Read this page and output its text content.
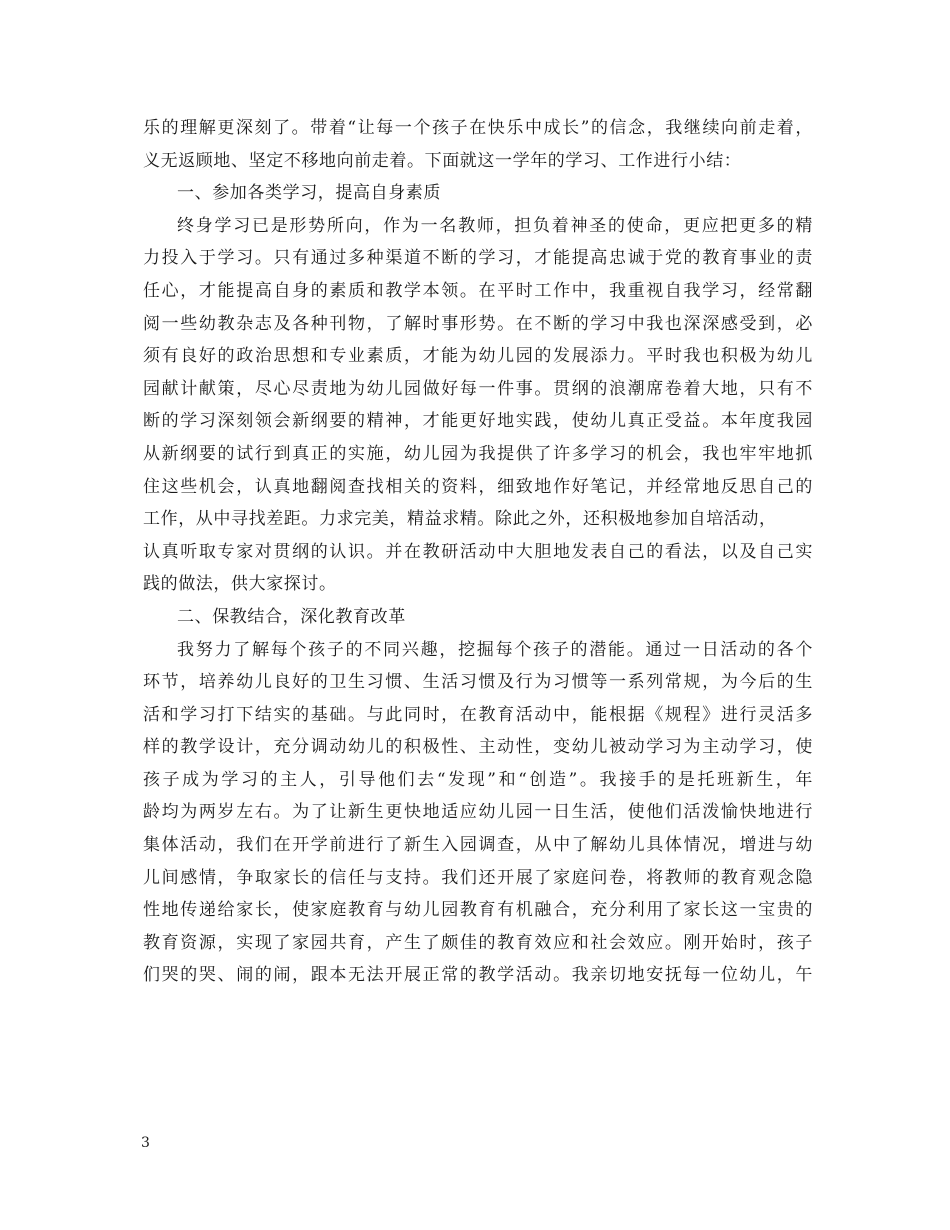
乐的理解更深刻了。带着“让每一个孩子在快乐中成长”的信念，我继续向前走着，
义无返顾地、坚定不移地向前走着。下面就这一学年的学习、工作进行小结：
一、参加各类学习，提高自身素质
终身学习已是形势所向，作为一名教师，担负着神圣的使命，更应把更多的精
力投入于学习。只有通过多种渠道不断的学习，才能提高忠诚于党的教育事业的责
任心，才能提高自身的素质和教学本领。在平时工作中，我重视自我学习，经常翻
阅一些幼教杂志及各种刊物，了解时事形势。在不断的学习中我也深深感受到，必
须有良好的政治思想和专业素质，才能为幼儿园的发展添力。平时我也积极为幼儿
园献计献策，尽心尽责地为幼儿园做好每一件事。贯纲的浪潮席卷着大地，只有不
断的学习深刻领会新纲要的精神，才能更好地实践，使幼儿真正受益。本年度我园
从新纲要的试行到真正的实施，幼儿园为我提供了许多学习的机会，我也牢牢地抓
住这些机会，认真地翻阅查找相关的资料，细致地作好笔记，并经常地反思自己的
工作，从中寻找差距。力求完美，精益求精。除此之外，还积极地参加自培活动，
认真听取专家对贯纲的认识。并在教研活动中大胆地发表自己的看法，以及自己实
践的做法，供大家探讨。
二、保教结合，深化教育改革
我努力了解每个孩子的不同兴趣，挖掘每个孩子的潜能。通过一日活动的各个
环节，培养幼儿良好的卫生习惯、生活习惯及行为习惯等一系列常规，为今后的生
活和学习打下结实的基础。与此同时，在教育活动中，能根据《规程》进行灵活多
样的教学设计，充分调动幼儿的积极性、主动性，变幼儿被动学习为主动学习，使
孩子成为学习的主人，引导他们去“发现”和“创造”。我接手的是托班新生，年
龄均为两岁左右。为了让新生更快地适应幼儿园一日生活，使他们活泼愉快地进行
集体活动，我们在开学前进行了新生入园调查，从中了解幼儿具体情况，增进与幼
儿间感情，争取家长的信任与支持。我们还开展了家庭问卷，将教师的教育观念隐
性地传递给家长，使家庭教育与幼儿园教育有机融合，充分利用了家长这一宝贵的
教育资源，实现了家园共育，产生了颇佳的教育效应和社会效应。刚开始时，孩子
们哭的哭、闹的闹，跟本无法开展正常的教学活动。我亲切地安抚每一位幼儿，午
3
